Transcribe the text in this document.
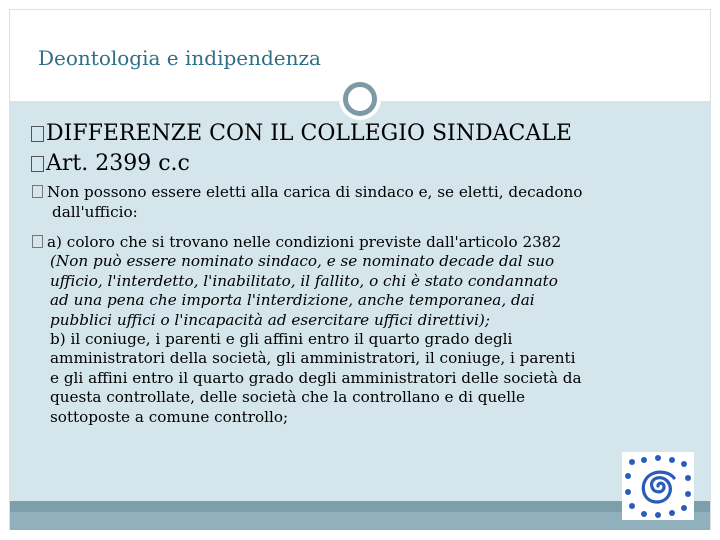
Deontologia e indipendenza
DIFFERENZE CON IL COLLEGIO SINDACALE
Art. 2399 c.c
Non possono essere eletti alla carica di sindaco e, se eletti, decadono
dall'ufficio:
a) coloro che si trovano nelle condizioni previste dall'articolo 2382
(Non può essere nominato sindaco, e se nominato decade dal suo
ufficio, l'interdetto, l'inabilitato, il fallito, o chi è stato condannato
ad una pena che importa l'interdizione, anche temporanea, dai
pubblici uffici o l'incapacità ad esercitare uffici direttivi);
b) il coniuge, i parenti e gli affini entro il quarto grado degli
amministratori della società, gli amministratori, il coniuge, i parenti
e gli affini entro il quarto grado degli amministratori delle società da
questa controllate, delle società che la controllano e di quelle
sottoposte a comune controllo;
